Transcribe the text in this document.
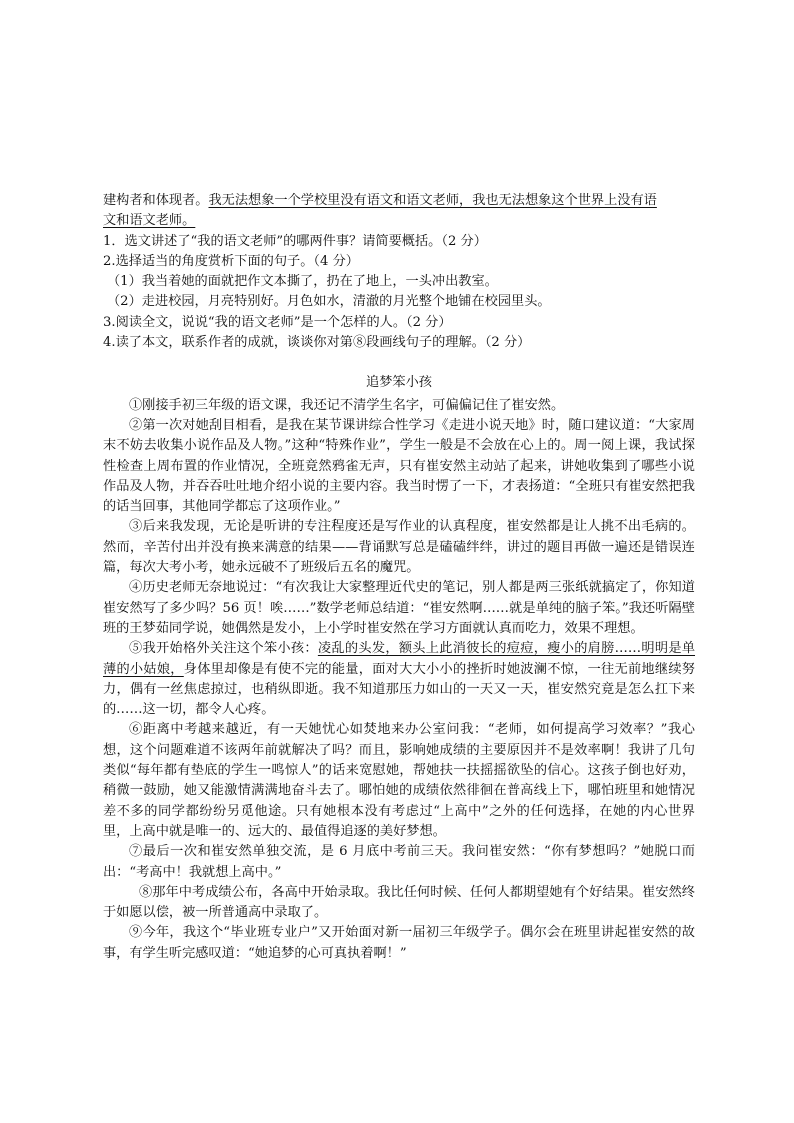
建构者和体现者。我无法想象一个学校里没有语文和语文老师，我也无法想象这个世界上没有语
文和语文老师。
1．选文讲述了“我的语文老师”的哪两件事？请简要概括。（2 分）
2.选择适当的角度赏析下面的句子。（4 分）
（1）我当着她的面就把作文本撕了，扔在了地上，一头冲出教室。
（2）走进校园，月亮特别好。月色如水，清澈的月光整个地铺在校园里头。
3.阅读全文，说说“我的语文老师”是一个怎样的人。（2 分）
4.读了本文，联系作者的成就，谈谈你对第⑧段画线句子的理解。（2 分）
追梦笨小孩
①刚接手初三年级的语文课，我还记不清学生名字，可偏偏记住了崔安然。
②第一次对她刮目相看，是我在某节课讲综合性学习《走进小说天地》时，随口建议道：“大家周末不妨去收集小说作品及人物。”这种“特殊作业”，学生一般是不会放在心上的。周一阅上课，我试探性检查上周布置的作业情况，全班竟然鸦雀无声，只有崔安然主动站了起来，讲她收集到了哪些小说作品及人物，并吞吞吐吐地介绍小说的主要内容。我当时愣了一下，才表扬道：“全班只有崔安然把我的话当回事，其他同学都忘了这项作业。”
③后来我发现，无论是听讲的专注程度还是写作业的认真程度，崔安然都是让人挑不出毛病的。然而，辛苦付出并没有换来满意的结果——背诵默写总是磕磕绊绊，讲过的题目再做一遍还是错误连篇，每次大考小考，她永远破不了班级后五名的魔咒。
④历史老师无奈地说过：“有次我让大家整理近代史的笔记，别人都是两三张纸就搞定了，你知道崔安然写了多少吗？56 页！唉……”数学老师总结道：“崔安然啊……就是单纯的脑子笨。”我还听隔壁班的王梦茹同学说，她偶然是发小，上小学时崔安然在学习方面就认真而吃力，效果不理想。
⑤我开始格外关注这个笨小孩：凌乱的头发，额头上此消彼长的痘痘，瘦小的肩膀……明明是单薄的小姑娘，身体里却像是有使不完的能量，面对大大小小的挫折时她波澜不惊，一往无前地继续努力，偶有一丝焦虑掠过，也稍纵即逝。我不知道那压力如山的一天又一天，崔安然究竟是怎么扛下来的……这一切，都令人心疼。
⑥距离中考越来越近，有一天她忧心如焚地来办公室问我：“老师，如何提高学习效率？”我心想，这个问题难道不该两年前就解决了吗？而且，影响她成绩的主要原因并不是效率啊！我讲了几句类似“每年都有垫底的学生一鸣惊人”的话来宽慰她，帮她扶一扶摇摇欲坠的信心。这孩子倒也好劝，稍微一鼓励，她又能激情满满地奋斗去了。哪怕她的成绩依然徘徊在普高线上下，哪怕班里和她情况差不多的同学都纷纷另觅他途。只有她根本没有考虑过“上高中”之外的任何选择，在她的内心世界里，上高中就是唯一的、远大的、最值得追逐的美好梦想。
⑦最后一次和崔安然单独交流，是 6 月底中考前三天。我问崔安然：“你有梦想吗？”她脱口而出：“考高中！我就想上高中。”
⑧那年中考成绩公布，各高中开始录取。我比任何时候、任何人都期望她有个好结果。崔安然终于如愿以偿，被一所普通高中录取了。
⑨今年，我这个“毕业班专业户”又开始面对新一届初三年级学子。偶尔会在班里讲起崔安然的故事，有学生听完感叹道：“她追梦的心可真执着啊！”
